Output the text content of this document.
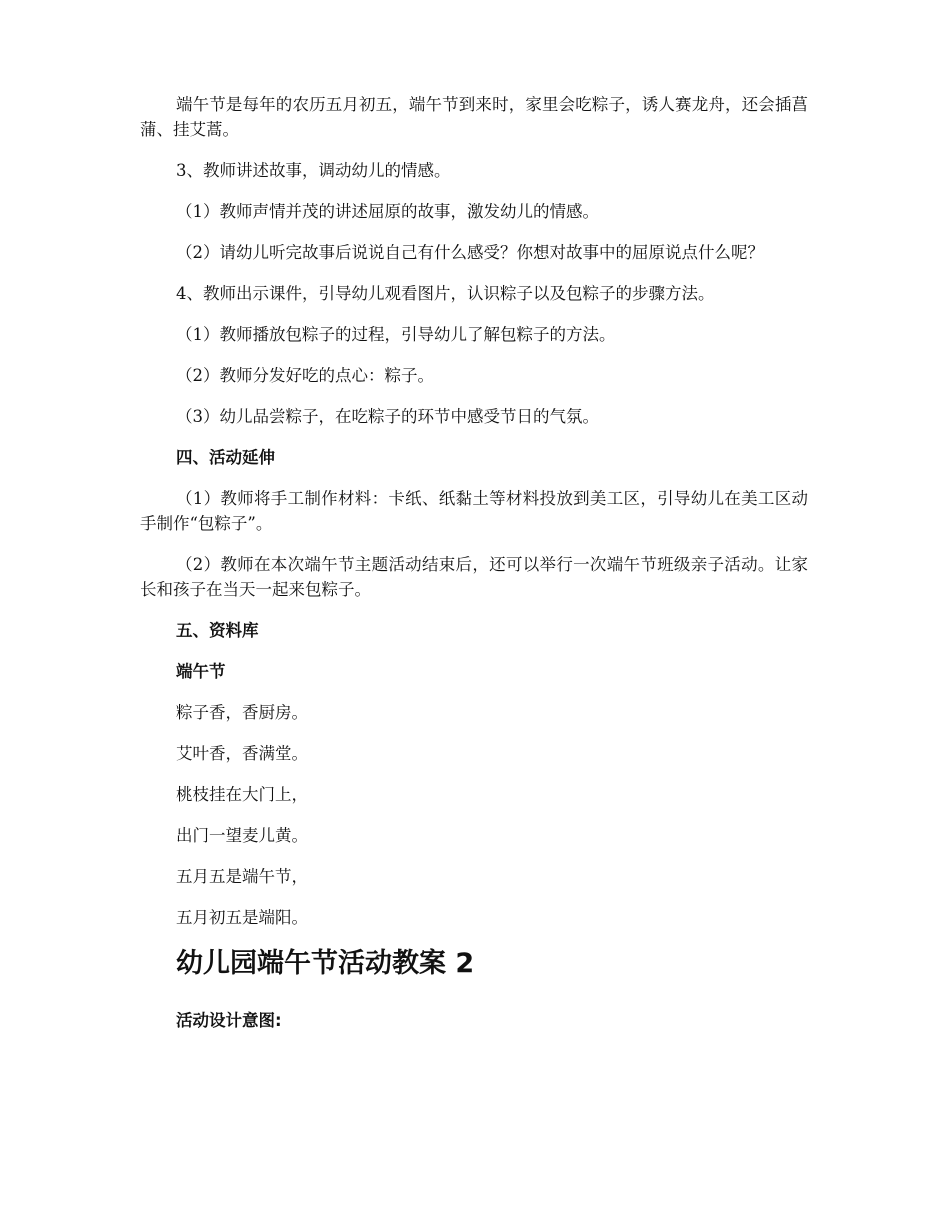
端午节是每年的农历五月初五，端午节到来时，家里会吃粽子，诱人赛龙舟，还会插菖蒲、挂艾蒿。

3、教师讲述故事，调动幼儿的情感。

（1）教师声情并茂的讲述屈原的故事，激发幼儿的情感。

（2）请幼儿听完故事后说说自己有什么感受？你想对故事中的屈原说点什么呢？

4、教师出示课件，引导幼儿观看图片，认识粽子以及包粽子的步骤方法。

（1）教师播放包粽子的过程，引导幼儿了解包粽子的方法。

（2）教师分发好吃的点心：粽子。

（3）幼儿品尝粽子，在吃粽子的环节中感受节日的气氛。

四、活动延伸

（1）教师将手工制作材料：卡纸、纸黏土等材料投放到美工区，引导幼儿在美工区动手制作“包粽子”。

（2）教师在本次端午节主题活动结束后，还可以举行一次端午节班级亲子活动。让家长和孩子在当天一起来包粽子。

五、资料库

端午节

粽子香，香厨房。

艾叶香，香满堂。

桃枝挂在大门上，

出门一望麦儿黄。

五月五是端午节，

五月初五是端阳。

幼儿园端午节活动教案 2

活动设计意图:
